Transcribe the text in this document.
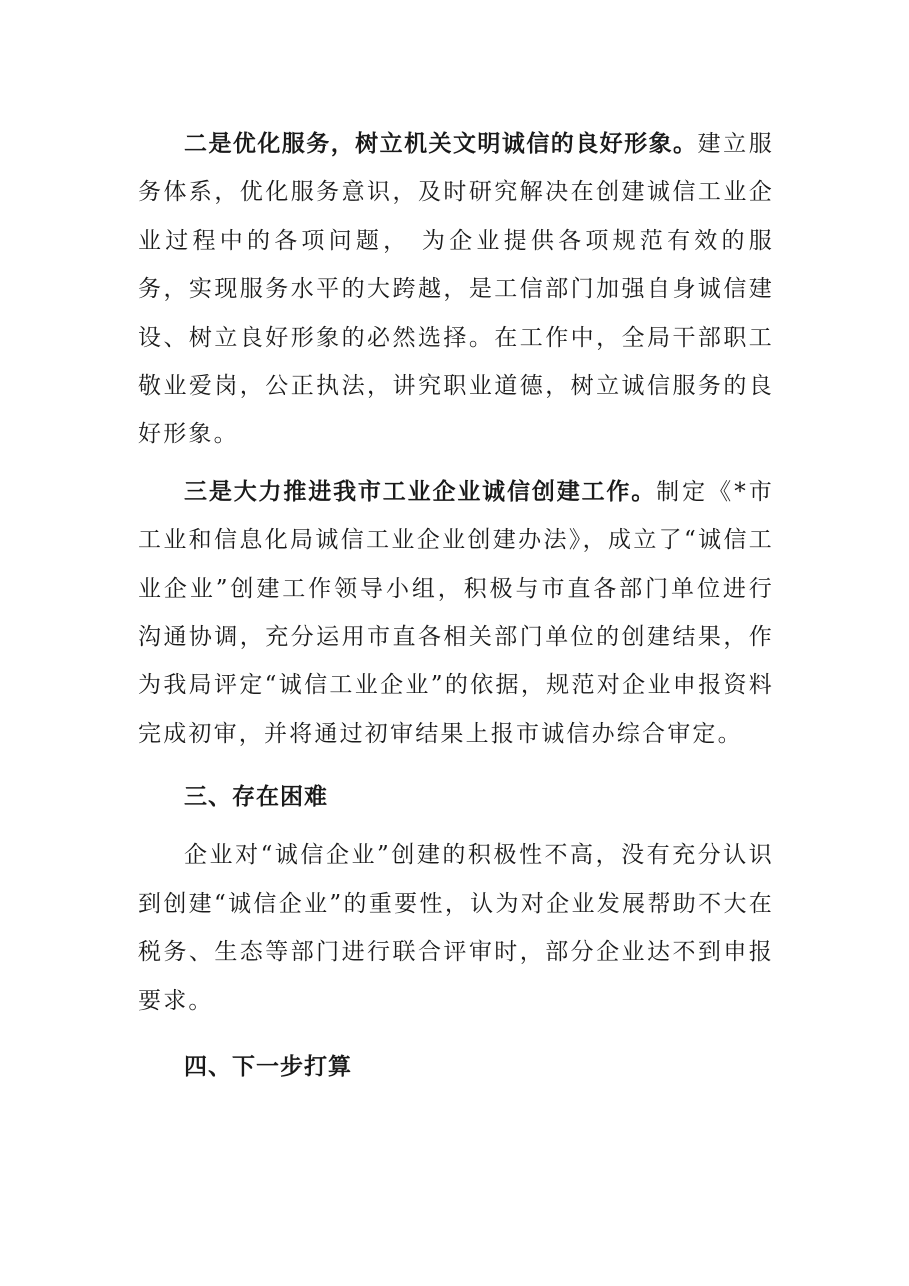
二是优化服务，树立机关文明诚信的良好形象。建立服务体系，优化服务意识，及时研究解决在创建诚信工业企业过程中的各项问题， 为企业提供各项规范有效的服务，实现服务水平的大跨越，是工信部门加强自身诚信建设、树立良好形象的必然选择。在工作中，全局干部职工敬业爱岗，公正执法，讲究职业道德，树立诚信服务的良好形象。

三是大力推进我市工业企业诚信创建工作。制定《*市工业和信息化局诚信工业企业创建办法》，成立了“诚信工业企业”创建工作领导小组，积极与市直各部门单位进行沟通协调，充分运用市直各相关部门单位的创建结果，作为我局评定“诚信工业企业”的依据，规范对企业申报资料完成初审，并将通过初审结果上报市诚信办综合审定。

三、存在困难

企业对“诚信企业”创建的积极性不高，没有充分认识到创建“诚信企业”的重要性，认为对企业发展帮助不大在税务、生态等部门进行联合评审时，部分企业达不到申报要求。

四、下一步打算
